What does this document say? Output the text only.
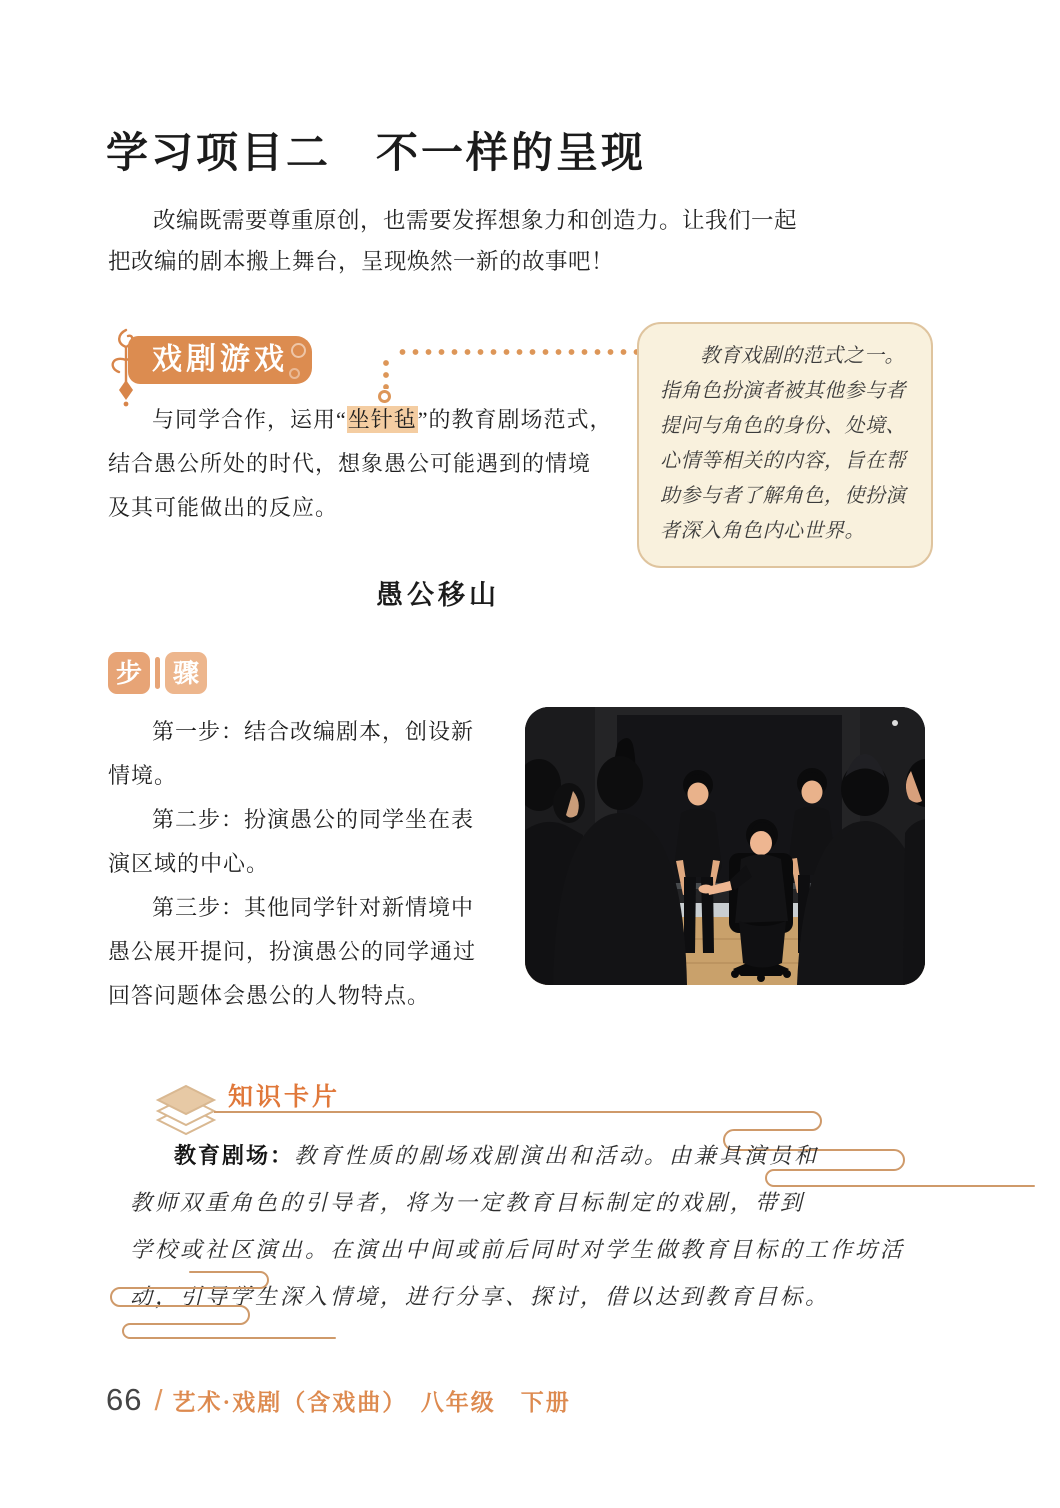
学习项目二　不一样的呈现

改编既需要尊重原创，也需要发挥想象力和创造力。让我们一起把改编的剧本搬上舞台，呈现焕然一新的故事吧！

戏剧游戏

与同学合作，运用“坐针毡”的教育剧场范式，结合愚公所处的时代，想象愚公可能遇到的情境及其可能做出的反应。

教育戏剧的范式之一。指角色扮演者被其他参与者提问与角色的身份、处境、心情等相关的内容，旨在帮助参与者了解角色，使扮演者深入角色内心世界。

愚公移山
步	骤

第一步：结合改编剧本，创设新情境。

第二步：扮演愚公的同学坐在表演区域的中心。

第三步：其他同学针对新情境中愚公展开提问，扮演愚公的同学通过回答问题体会愚公的人物特点。

知识卡片

教育剧场：教育性质的剧场戏剧演出和活动。由兼具演员和教师双重角色的引导者，将为一定教育目标制定的戏剧，带到学校或社区演出。在演出中间或前后同时对学生做教育目标的工作坊活动，引导学生深入情境，进行分享、探讨，借以达到教育目标。

66 / 艺术·戏剧（含戏曲）　八年级　下册
